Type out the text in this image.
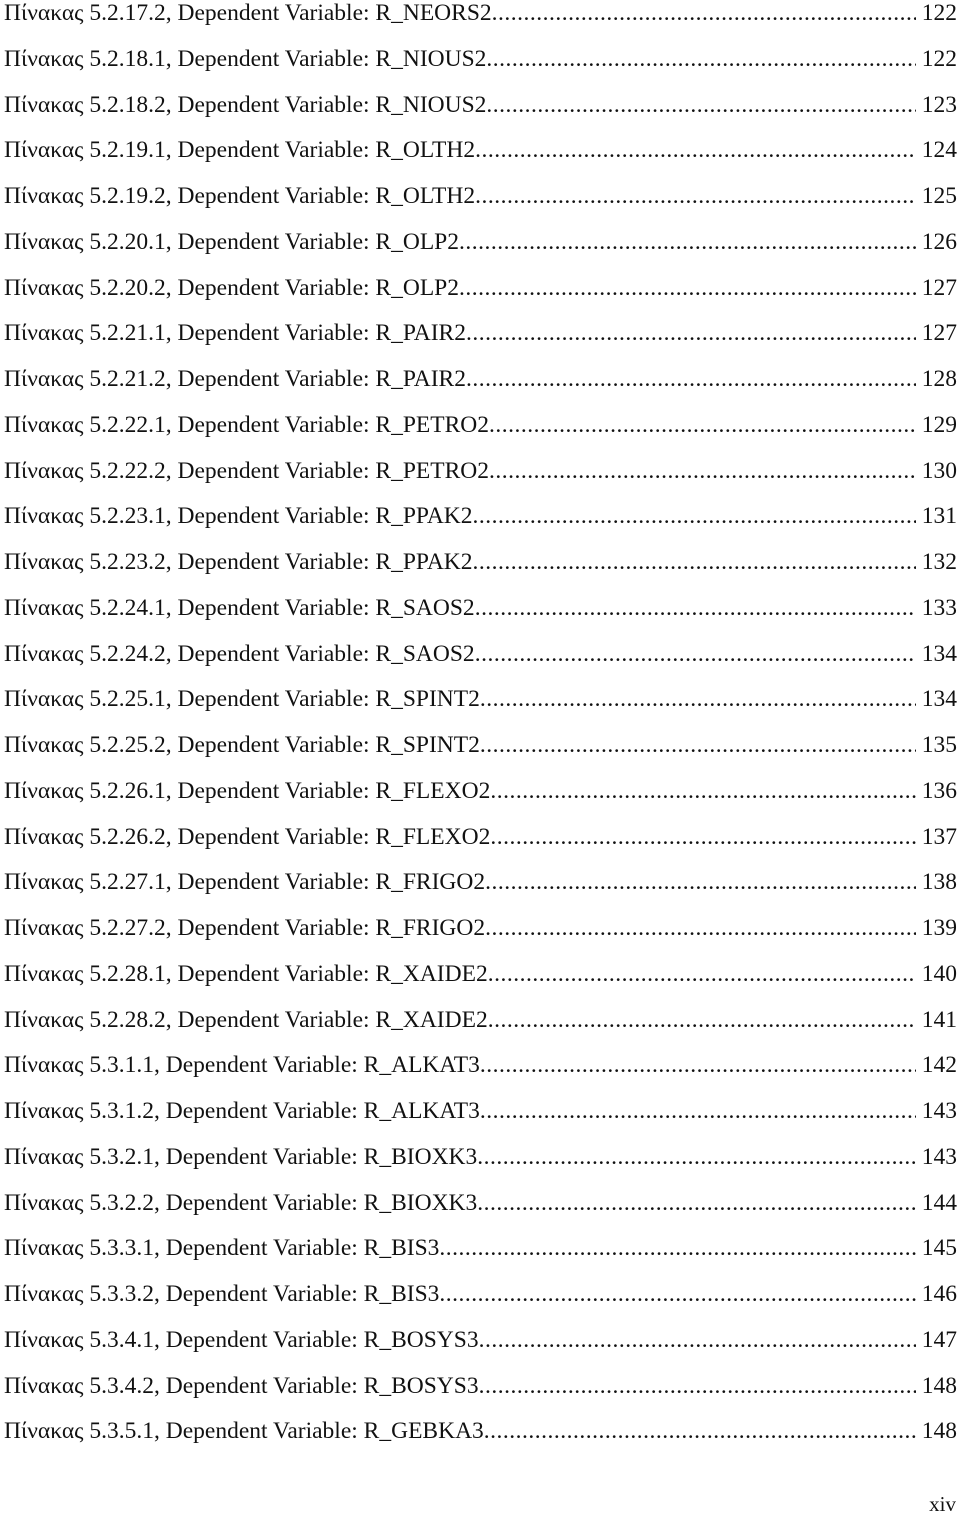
Πίνακας 5.2.17.2, Dependent Variable: R_NEORS2 .....	122
Πίνακας 5.2.18.1, Dependent Variable: R_NIOUS2 .....	122
Πίνακας 5.2.18.2, Dependent Variable: R_NIOUS2 .....	123
Πίνακας 5.2.19.1, Dependent Variable: R_OLTH2 .....	124
Πίνακας 5.2.19.2, Dependent Variable: R_OLTH2 .....	125
Πίνακας 5.2.20.1, Dependent Variable: R_OLP2 .....	126
Πίνακας 5.2.20.2, Dependent Variable: R_OLP2 .....	127
Πίνακας 5.2.21.1, Dependent Variable: R_PAIR2 .....	127
Πίνακας 5.2.21.2, Dependent Variable: R_PAIR2 .....	128
Πίνακας 5.2.22.1, Dependent Variable: R_PETRO2 .....	129
Πίνακας 5.2.22.2, Dependent Variable: R_PETRO2 .....	130
Πίνακας 5.2.23.1, Dependent Variable: R_PPAK2 .....	131
Πίνακας 5.2.23.2, Dependent Variable: R_PPAK2 .....	132
Πίνακας 5.2.24.1, Dependent Variable: R_SAOS2 .....	133
Πίνακας 5.2.24.2, Dependent Variable: R_SAOS2 .....	134
Πίνακας 5.2.25.1, Dependent Variable: R_SPINT2 .....	134
Πίνακας 5.2.25.2, Dependent Variable: R_SPINT2 .....	135
Πίνακας 5.2.26.1, Dependent Variable: R_FLEXO2 .....	136
Πίνακας 5.2.26.2, Dependent Variable: R_FLEXO2 .....	137
Πίνακας 5.2.27.1, Dependent Variable: R_FRIGO2 .....	138
Πίνακας 5.2.27.2, Dependent Variable: R_FRIGO2 .....	139
Πίνακας 5.2.28.1, Dependent Variable: R_XAIDE2 .....	140
Πίνακας 5.2.28.2, Dependent Variable: R_XAIDE2 .....	141
Πίνακας 5.3.1.1, Dependent Variable: R_ALKAT3 .....	142
Πίνακας 5.3.1.2, Dependent Variable: R_ALKAT3 .....	143
Πίνακας 5.3.2.1, Dependent Variable: R_BIOXK3 .....	143
Πίνακας 5.3.2.2, Dependent Variable: R_BIOXK3 .....	144
Πίνακας 5.3.3.1, Dependent Variable: R_BIS3 .....	145
Πίνακας 5.3.3.2, Dependent Variable: R_BIS3 .....	146
Πίνακας 5.3.4.1, Dependent Variable: R_BOSYS3 .....	147
Πίνακας 5.3.4.2, Dependent Variable: R_BOSYS3 .....	148
Πίνακας 5.3.5.1, Dependent Variable: R_GEBKA3 .....	148
xiv
